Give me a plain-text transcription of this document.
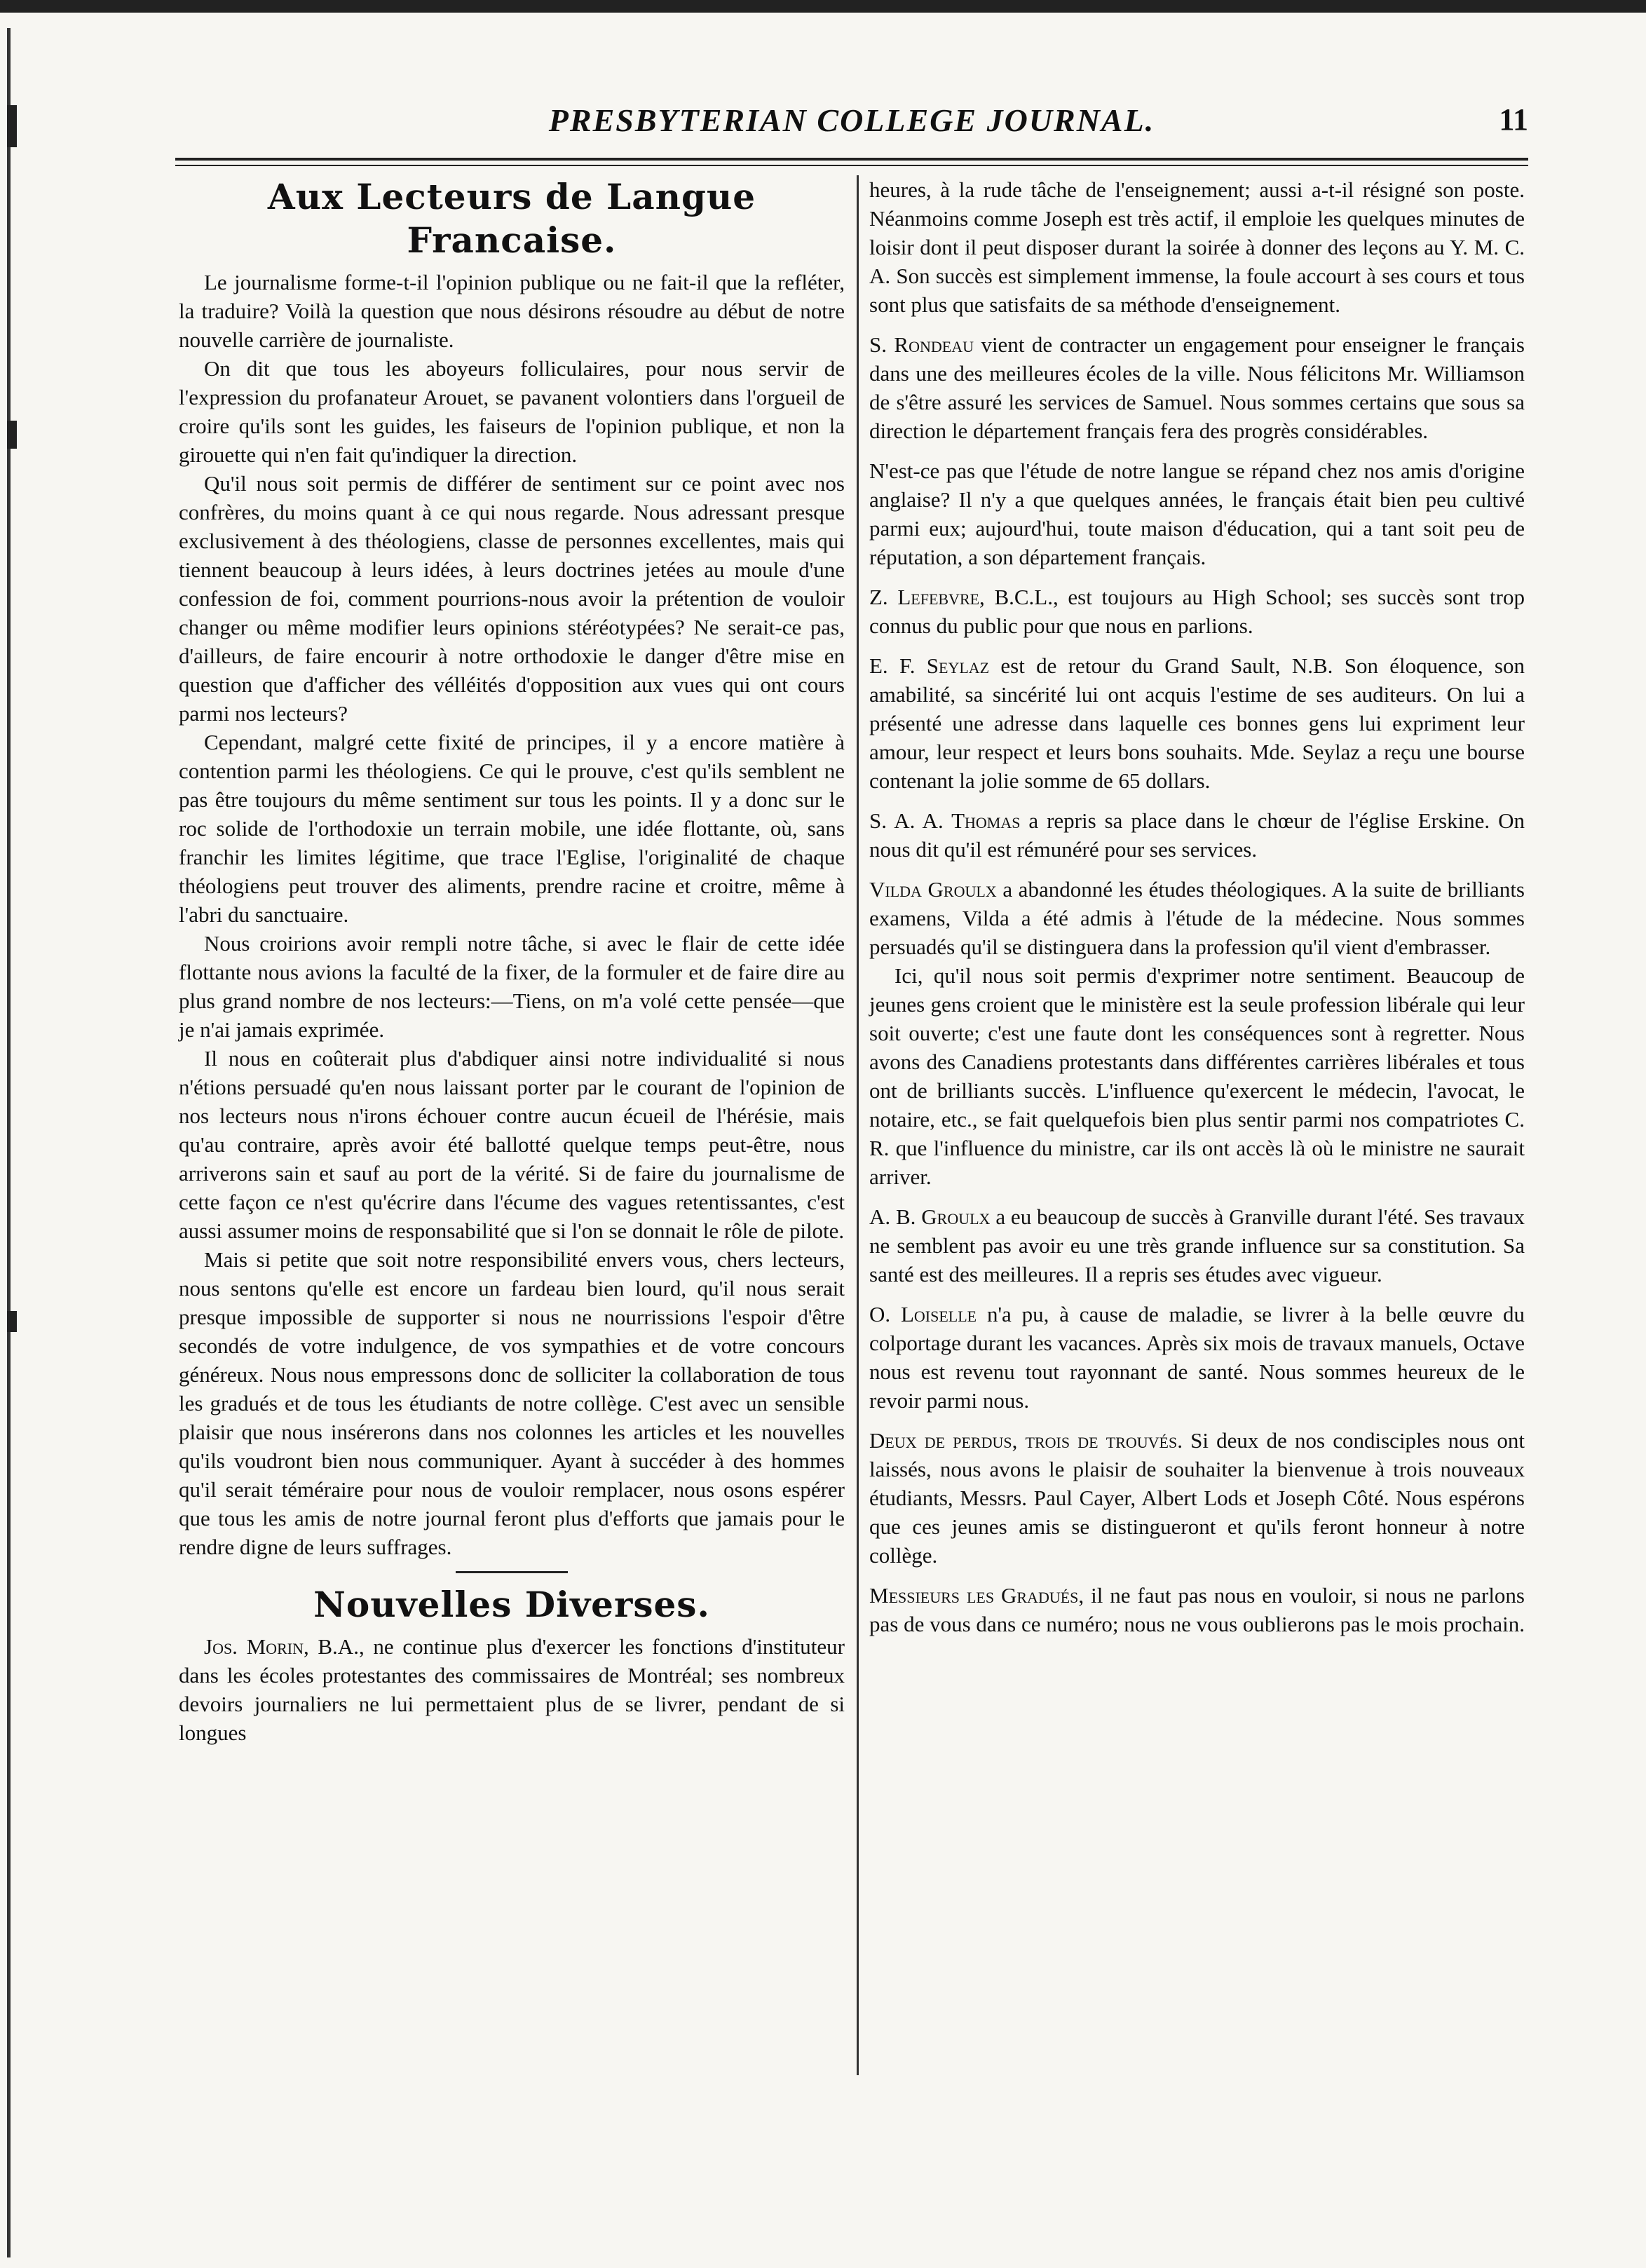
PRESBYTERIAN COLLEGE JOURNAL.	11
Aux Lecteurs de Langue Francaise.

Le journalisme forme-t-il l'opinion publique ou ne fait-il que la refléter, la traduire? Voilà la question que nous désirons résoudre au début de notre nouvelle carrière de journaliste.

On dit que tous les aboyeurs folliculaires, pour nous servir de l'expression du profanateur Arouet, se pavanent volontiers dans l'orgueil de croire qu'ils sont les guides, les faiseurs de l'opinion publique, et non la girouette qui n'en fait qu'indiquer la direction.

Qu'il nous soit permis de différer de sentiment sur ce point avec nos confrères, du moins quant à ce qui nous regarde. Nous adressant presque exclusivement à des théologiens, classe de personnes excellentes, mais qui tiennent beaucoup à leurs idées, à leurs doctrines jetées au moule d'une confession de foi, comment pourrions-nous avoir la prétention de vouloir changer ou même modifier leurs opinions stéréotypées? Ne serait-ce pas, d'ailleurs, de faire encourir à notre orthodoxie le danger d'être mise en question que d'afficher des vélléités d'opposition aux vues qui ont cours parmi nos lecteurs?

Cependant, malgré cette fixité de principes, il y a encore matière à contention parmi les théologiens. Ce qui le prouve, c'est qu'ils semblent ne pas être toujours du même sentiment sur tous les points. Il y a donc sur le roc solide de l'orthodoxie un terrain mobile, une idée flottante, où, sans franchir les limites légitime, que trace l'Eglise, l'originalité de chaque théologiens peut trouver des aliments, prendre racine et croitre, même à l'abri du sanctuaire.

Nous croirions avoir rempli notre tâche, si avec le flair de cette idée flottante nous avions la faculté de la fixer, de la formuler et de faire dire au plus grand nombre de nos lecteurs:—Tiens, on m'a volé cette pensée—que je n'ai jamais exprimée.

Il nous en coûterait plus d'abdiquer ainsi notre individualité si nous n'étions persuadé qu'en nous laissant porter par le courant de l'opinion de nos lecteurs nous n'irons échouer contre aucun écueil de l'hérésie, mais qu'au contraire, après avoir été ballotté quelque temps peut-être, nous arriverons sain et sauf au port de la vérité. Si de faire du journalisme de cette façon ce n'est qu'écrire dans l'écume des vagues retentissantes, c'est aussi assumer moins de responsabilité que si l'on se donnait le rôle de pilote.

Mais si petite que soit notre responsibilité envers vous, chers lecteurs, nous sentons qu'elle est encore un fardeau bien lourd, qu'il nous serait presque impossible de supporter si nous ne nourrissions l'espoir d'être secondés de votre indulgence, de vos sympathies et de votre concours généreux. Nous nous empressons donc de solliciter la collaboration de tous les gradués et de tous les étudiants de notre collège. C'est avec un sensible plaisir que nous insérerons dans nos colonnes les articles et les nouvelles qu'ils voudront bien nous communiquer. Ayant à succéder à des hommes qu'il serait téméraire pour nous de vouloir remplacer, nous osons espérer que tous les amis de notre journal feront plus d'efforts que jamais pour le rendre digne de leurs suffrages.

Nouvelles Diverses.

Jos. Morin, B.A., ne continue plus d'exercer les fonctions d'instituteur dans les écoles protestantes des commissaires de Montréal; ses nombreux devoirs journaliers ne lui permettaient plus de se livrer, pendant de si longues

heures, à la rude tâche de l'enseignement; aussi a-t-il résigné son poste. Néanmoins comme Joseph est très actif, il emploie les quelques minutes de loisir dont il peut disposer durant la soirée à donner des leçons au Y. M. C. A. Son succès est simplement immense, la foule accourt à ses cours et tous sont plus que satisfaits de sa méthode d'enseignement.

S. Rondeau vient de contracter un engagement pour enseigner le français dans une des meilleures écoles de la ville. Nous félicitons Mr. Williamson de s'être assuré les services de Samuel. Nous sommes certains que sous sa direction le département français fera des progrès considérables.

N'est-ce pas que l'étude de notre langue se répand chez nos amis d'origine anglaise? Il n'y a que quelques années, le français était bien peu cultivé parmi eux; aujourd'hui, toute maison d'éducation, qui a tant soit peu de réputation, a son département français.

Z. Lefebvre, B.C.L., est toujours au High School; ses succès sont trop connus du public pour que nous en parlions.

E. F. Seylaz est de retour du Grand Sault, N.B. Son éloquence, son amabilité, sa sincérité lui ont acquis l'estime de ses auditeurs. On lui a présenté une adresse dans laquelle ces bonnes gens lui expriment leur amour, leur respect et leurs bons souhaits. Mde. Seylaz a reçu une bourse contenant la jolie somme de 65 dollars.

S. A. A. Thomas a repris sa place dans le chœur de l'église Erskine. On nous dit qu'il est rémunéré pour ses services.

Vilda Groulx a abandonné les études théologiques. A la suite de brilliants examens, Vilda a été admis à l'étude de la médecine. Nous sommes persuadés qu'il se distinguera dans la profession qu'il vient d'embrasser.

Ici, qu'il nous soit permis d'exprimer notre sentiment. Beaucoup de jeunes gens croient que le ministère est la seule profession libérale qui leur soit ouverte; c'est une faute dont les conséquences sont à regretter. Nous avons des Canadiens protestants dans différentes carrières libérales et tous ont de brilliants succès. L'influence qu'exercent le médecin, l'avocat, le notaire, etc., se fait quelquefois bien plus sentir parmi nos compatriotes C. R. que l'influence du ministre, car ils ont accès là où le ministre ne saurait arriver.

A. B. Groulx a eu beaucoup de succès à Granville durant l'été. Ses travaux ne semblent pas avoir eu une très grande influence sur sa constitution. Sa santé est des meilleures. Il a repris ses études avec vigueur.

O. Loiselle n'a pu, à cause de maladie, se livrer à la belle œuvre du colportage durant les vacances. Après six mois de travaux manuels, Octave nous est revenu tout rayonnant de santé. Nous sommes heureux de le revoir parmi nous.

Deux de perdus, trois de trouvés. Si deux de nos condisciples nous ont laissés, nous avons le plaisir de souhaiter la bienvenue à trois nouveaux étudiants, Messrs. Paul Cayer, Albert Lods et Joseph Côté. Nous espérons que ces jeunes amis se distingueront et qu'ils feront honneur à notre collège.

Messieurs les Gradués, il ne faut pas nous en vouloir, si nous ne parlons pas de vous dans ce numéro; nous ne vous oublierons pas le mois prochain.
